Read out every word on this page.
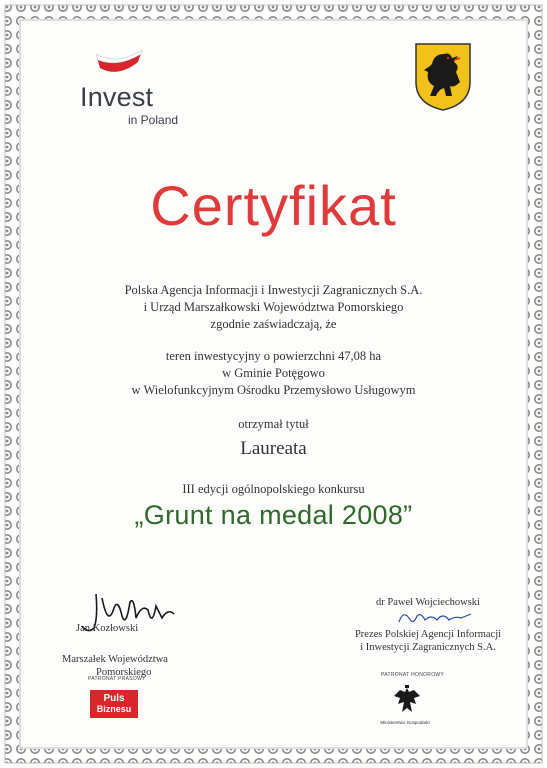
Invest
in Poland
Certyfikat
Polska Agencja Informacji i Inwestycji Zagranicznych S.A.
i Urząd Marszałkowski Województwa Pomorskiego
zgodnie zaświadczają, że
teren inwestycyjny o powierzchni 47,08 ha
w Gminie Potęgowo
w Wielofunkcyjnym Ośrodku Przemysłowo Usługowym
otrzymał tytuł
Laureata
III edycji ogólnopolskiego konkursu
„Grunt na medal 2008”
Jan Kozłowski
Marszałek Województwa
Pomorskiego
dr Paweł Wojciechowski
Prezes Polskiej Agencji Informacji
i Inwestycji Zagranicznych S.A.
PATRONAT PRASOWY
Puls
Biznesu
PATRONAT HONOROWY
Ministerstwo Gospodarki
